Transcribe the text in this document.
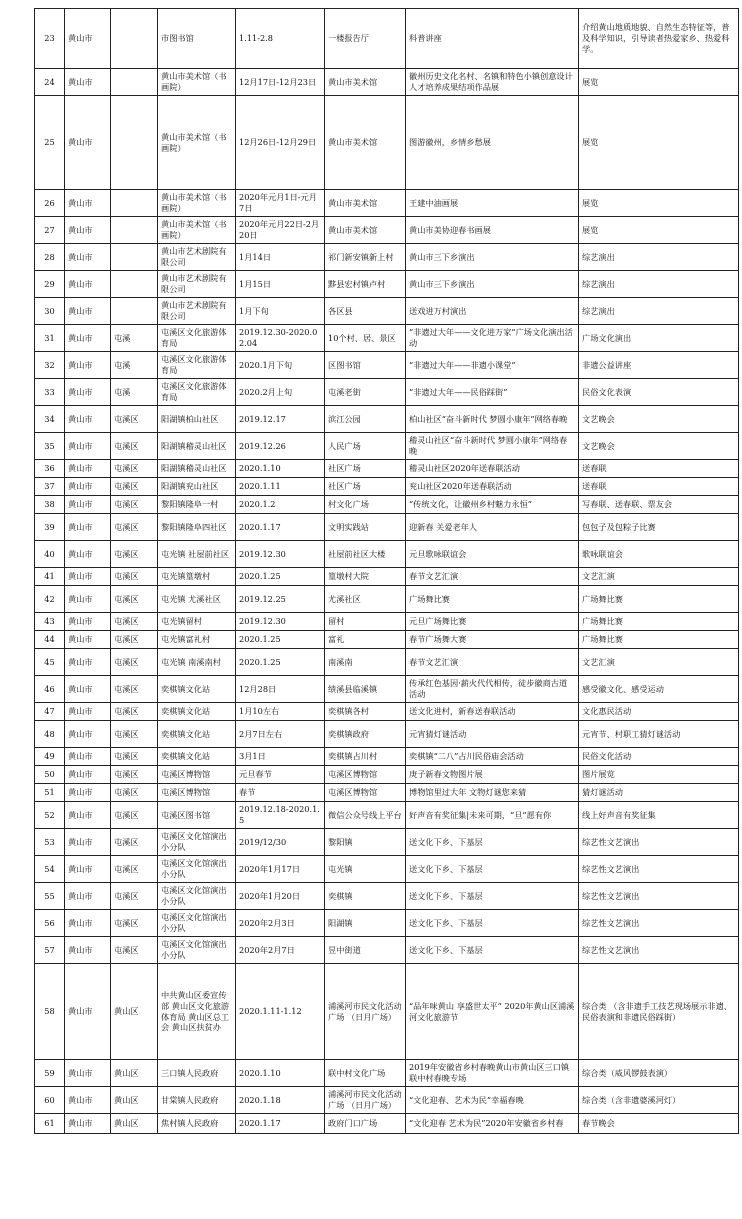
23	黄山市		市图书馆	1.11-2.8	一楼报告厅	科普讲座	介绍黄山地质地貌、自然生态特征等，普及科学知识，引导读者热爱家乡、热爱科学。
24	黄山市		黄山市美术馆（书画院）	12月17日-12月23日	黄山市美术馆	徽州历史文化名村、名镇和特色小镇创意设计人才培养成果结项作品展	展览
25	黄山市		黄山市美术馆（书画院）	12月26日-12月29日	黄山市美术馆	图游徽州，乡情乡愁展	展览
26	黄山市		黄山市美术馆（书画院）	2020年元月1日-元月7日	黄山市美术馆	王建中油画展	展览
27	黄山市		黄山市美术馆（书画院）	2020年元月22日-2月20日	黄山市美术馆	黄山市美协迎春书画展	展览
28	黄山市		黄山市艺术剧院有限公司	1月14日	祁门新安镇新上村	黄山市三下乡演出	综艺演出
29	黄山市		黄山市艺术剧院有限公司	1月15日	黟县宏村镇卢村	黄山市三下乡演出	综艺演出
30	黄山市		黄山市艺术剧院有限公司	1月下旬	各区县	送戏进万村演出	综艺演出
31	黄山市	屯溪	屯溪区文化旅游体育局	2019.12.30-2020.02.04	10个村、居、景区	“非遗过大年——文化进万家”广场文化演出活动	广场文化演出
32	黄山市	屯溪	屯溪区文化旅游体育局	2020.1月下旬	区图书馆	“非遗过大年——非遗小课堂”	非遗公益讲座
33	黄山市	屯溪	屯溪区文化旅游体育局	2020.2月上旬	屯溪老街	“非遗过大年——民俗踩街”	民俗文化表演
34	黄山市	屯溪区	阳湖镇柏山社区	2019.12.17	滨江公园	柏山社区“奋斗新时代 梦圆小康年”网络春晚	文艺晚会
35	黄山市	屯溪区	阳湖镇稽灵山社区	2019.12.26	人民广场	稽灵山社区“奋斗新时代 梦圆小康年”网络春晚	文艺晚会
36	黄山市	屯溪区	阳湖镇稽灵山社区	2020.1.10	社区广场	稽灵山社区2020年送春联活动	送春联
37	黄山市	屯溪区	阳湖镇兖山社区	2020.1.11	社区广场	兖山社区2020年送春联活动	送春联
38	黄山市	屯溪区	黎阳镇隆阜一村	2020.1.2	村文化广场	“传统文化，让徽州乡村魅力永恒”	写春联、送春联、票友会
39	黄山市	屯溪区	黎阳镇隆阜四社区	2020.1.17	文明实践站	迎新春 关爱老年人	包包子及包粽子比赛
40	黄山市	屯溪区	屯光镇 社屋前社区	2019.12.30	社屋前社区大楼	元旦歌咏联谊会	歌咏联谊会
41	黄山市	屯溪区	屯光镇篁墩村	2020.1.25	篁墩村大院	春节文艺汇演	文艺汇演
42	黄山市	屯溪区	屯光镇 尤溪社区	2019.12.25	尤溪社区	广场舞比赛	广场舞比赛
43	黄山市	屯溪区	屯光镇留村	2019.12.30	留村	元旦广场舞比赛	广场舞比赛
44	黄山市	屯溪区	屯光镇富礼村	2020.1.25	富礼	春节广场舞大赛	广场舞比赛
45	黄山市	屯溪区	屯光镇 南溪南村	2020.1.25	南溪南	春节文艺汇演	文艺汇演
46	黄山市	屯溪区	奕棋镇文化站	12月28日	绩溪县临溪镇	传承红色基因·薪火代代相传，徒步徽商古道活动	感受徽文化、感受运动
47	黄山市	屯溪区	奕棋镇文化站	1月10左右	奕棋镇各村	送文化进村，新春送春联活动	文化惠民活动
48	黄山市	屯溪区	奕棋镇文化站	2月7日左右	奕棋镇政府	元宵猜灯谜活动	元宵节、村职工猜灯谜活动
49	黄山市	屯溪区	奕棋镇文化站	3月1日	奕棋镇占川村	奕棋镇“二八”占川民俗庙会活动	民俗文化活动
50	黄山市	屯溪区	屯溪区博物馆	元旦春节	屯溪区博物馆	庚子新春文物图片展	图片展览
51	黄山市	屯溪区	屯溪区博物馆	春节	屯溪区博物馆	博物馆里过大年 文物灯谜您来猜	猜灯谜活动
52	黄山市	屯溪区	屯溪区图书馆	2019.12.18-2020.1.5	微信公众号线上平台	好声音有奖征集|未来可期，“旦”愿有你	线上好声音有奖征集
53	黄山市	屯溪区	屯溪区文化馆演出小分队	2019/12/30	黎阳镇	送文化下乡、下基层	综艺性文艺演出
54	黄山市	屯溪区	屯溪区文化馆演出小分队	2020年1月17日	屯光镇	送文化下乡、下基层	综艺性文艺演出
55	黄山市	屯溪区	屯溪区文化馆演出小分队	2020年1月20日	奕棋镇	送文化下乡、下基层	综艺性文艺演出
56	黄山市	屯溪区	屯溪区文化馆演出小分队	2020年2月3日	阳湖镇	送文化下乡、下基层	综艺性文艺演出
57	黄山市	屯溪区	屯溪区文化馆演出小分队	2020年2月7日	昱中街道	送文化下乡、下基层	综艺性文艺演出
58	黄山市	黄山区	中共黄山区委宣传部 黄山区文化旅游体育局 黄山区总工会 黄山区扶贫办	2020.1.11-1.12	浦溪河市民文化活动广场 （日月广场）	“品年味黄山 享盛世太平” 2020年黄山区浦溪河文化旅游节	综合类 （含非遗手工技艺现场展示非遗、民俗表演和非遗民俗踩街）
59	黄山市	黄山区	三口镇人民政府	2020.1.10	联中村文化广场	2019年安徽省乡村春晚黄山市黄山区三口镇联中村春晚专场	综合类（威风锣鼓表演）
60	黄山市	黄山区	甘棠镇人民政府	2020.1.18	浦溪河市民文化活动广场 （日月广场）	“文化迎春、艺术为民”幸福春晚	综合类（含非遗婆溪河灯）
61	黄山市	黄山区	焦村镇人民政府	2020.1.17	政府门口广场	“文化迎春 艺术为民”2020年安徽省乡村春	春节晚会
